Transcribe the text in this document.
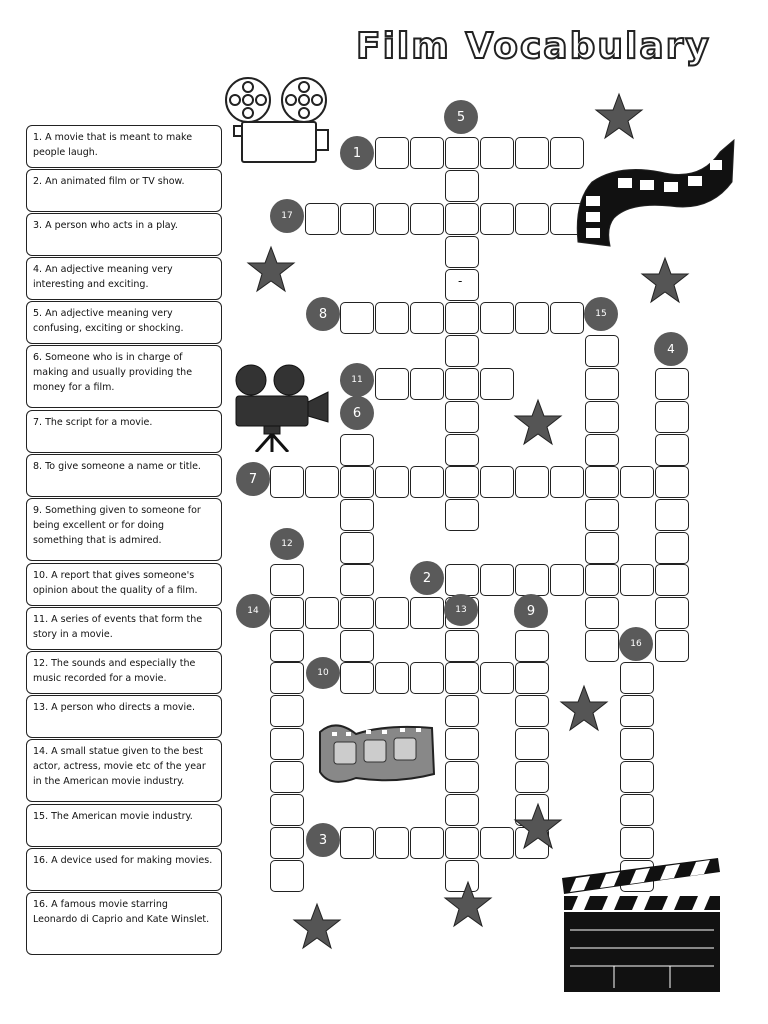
Film Vocabulary
1. A movie that is meant to make people laugh.
2. An animated film or TV show.
3. A person who acts in a play.
4. An adjective meaning very interesting and exciting.
5. An adjective meaning very confusing, exciting or shocking.
6. Someone who is in charge of making and usually providing the money for a film.
7. The script for a movie.
8. To give someone a name or title.
9. Something given to someone for being excellent or for doing something that is admired.
10. A report that gives someone's opinion about the quality of a film.
11. A series of events that form the story in a movie.
12. The sounds and especially the music recorded for a movie.
13. A person who directs a movie.
14. A small statue given to the best actor, actress, movie etc of the year in the American movie industry.
15. The American movie industry.
16. A device used for making movies.
16. A famous movie starring Leonardo di Caprio and Kate Winslet.
-
1
2
3
4
5
6
7
8
9
10
11
12
13
14
15
16
17
